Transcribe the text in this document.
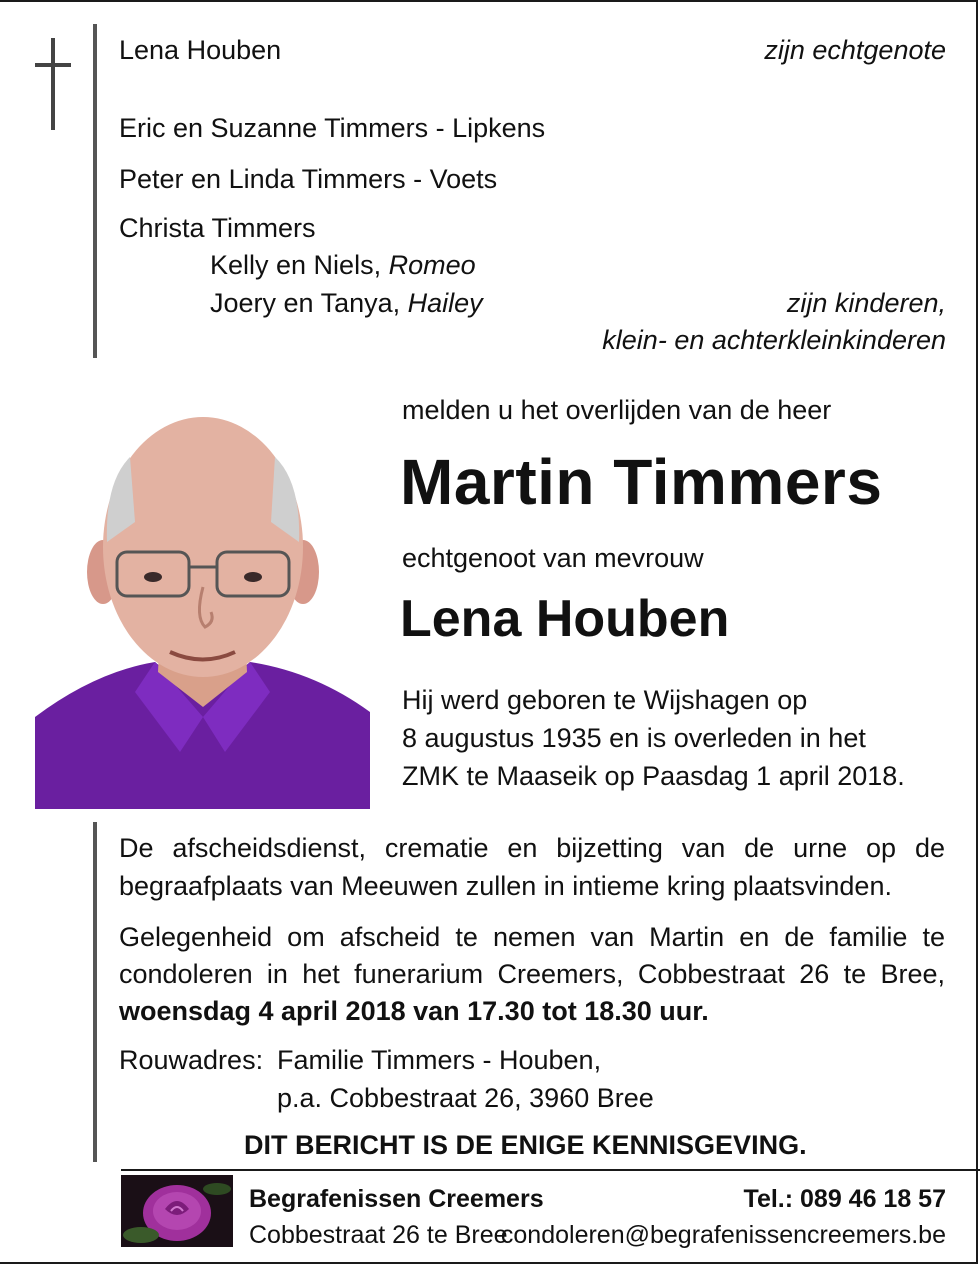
Lena Houben	zijn echtgenote
Eric en Suzanne Timmers - Lipkens
Peter en Linda Timmers - Voets
Christa Timmers
Kelly en Niels, Romeo
Joery en Tanya, Hailey	zijn kinderen,
klein- en achterkleinkinderen
melden u het overlijden van de heer
Martin Timmers
echtgenoot van mevrouw
Lena Houben
Hij werd geboren te Wijshagen op
8 augustus 1935 en is overleden in het
ZMK te Maaseik op Paasdag 1 april 2018.
De afscheidsdienst, crematie en bijzetting van de urne op de
begraafplaats van Meeuwen zullen in intieme kring plaatsvinden.
Gelegenheid om afscheid te nemen van Martin en de familie te
condoleren in het funerarium Creemers, Cobbestraat 26 te Bree,
woensdag 4 april 2018 van 17.30 tot 18.30 uur.
Rouwadres: Familie Timmers - Houben,
p.a. Cobbestraat 26, 3960 Bree
DIT BERICHT IS DE ENIGE KENNISGEVING.
Begrafenissen Creemers	Tel.: 089 46 18 57
Cobbestraat 26 te Bree
condoleren@begrafenissencreemers.be
